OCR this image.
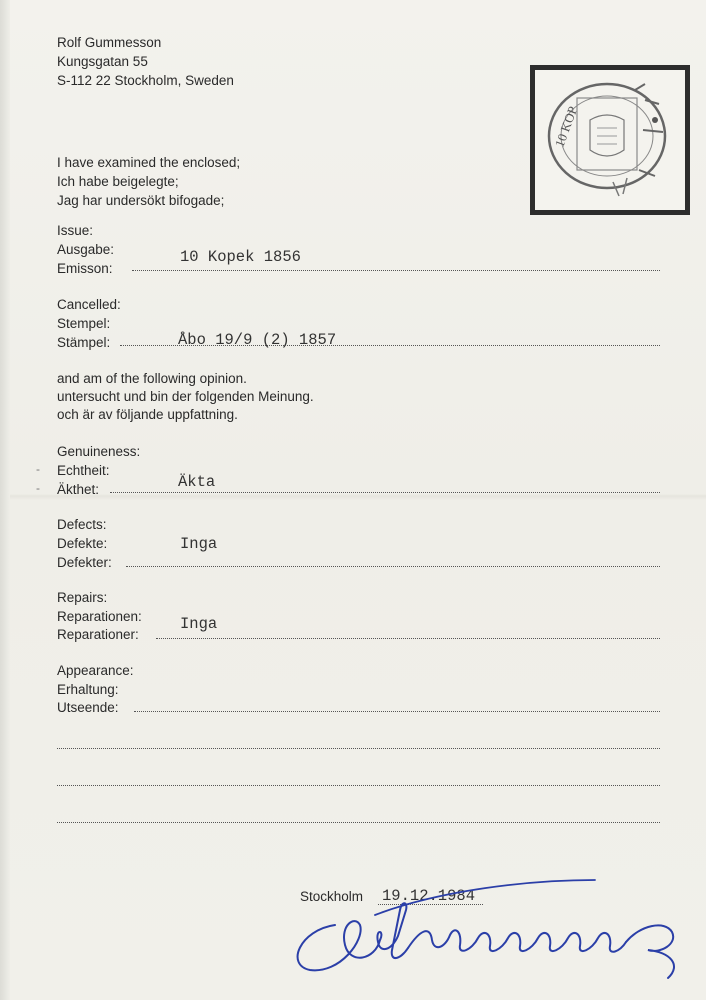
Rolf Gummesson
Kungsgatan 55
S-112 22 Stockholm, Sweden
10 KOP
I have examined the enclosed;
Ich habe beigelegte;
Jag har undersökt bifogade;
Issue:
Ausgabe:
Emisson:
10 Kopek 1856
Cancelled:
Stempel:
Stämpel:	Åbo 19/9 (2) 1857
and am of the following opinion.
untersucht und bin der folgenden Meinung.
och är av följande uppfattning.
-
-
Genuineness:
Echtheit:
Äkthet:	Äkta
Defects:
Defekte:
Defekter:
Inga
Repairs:
Reparationen:
Reparationer:
Inga
Appearance:
Erhaltung:
Utseende:
Stockholm 19.12.1984
